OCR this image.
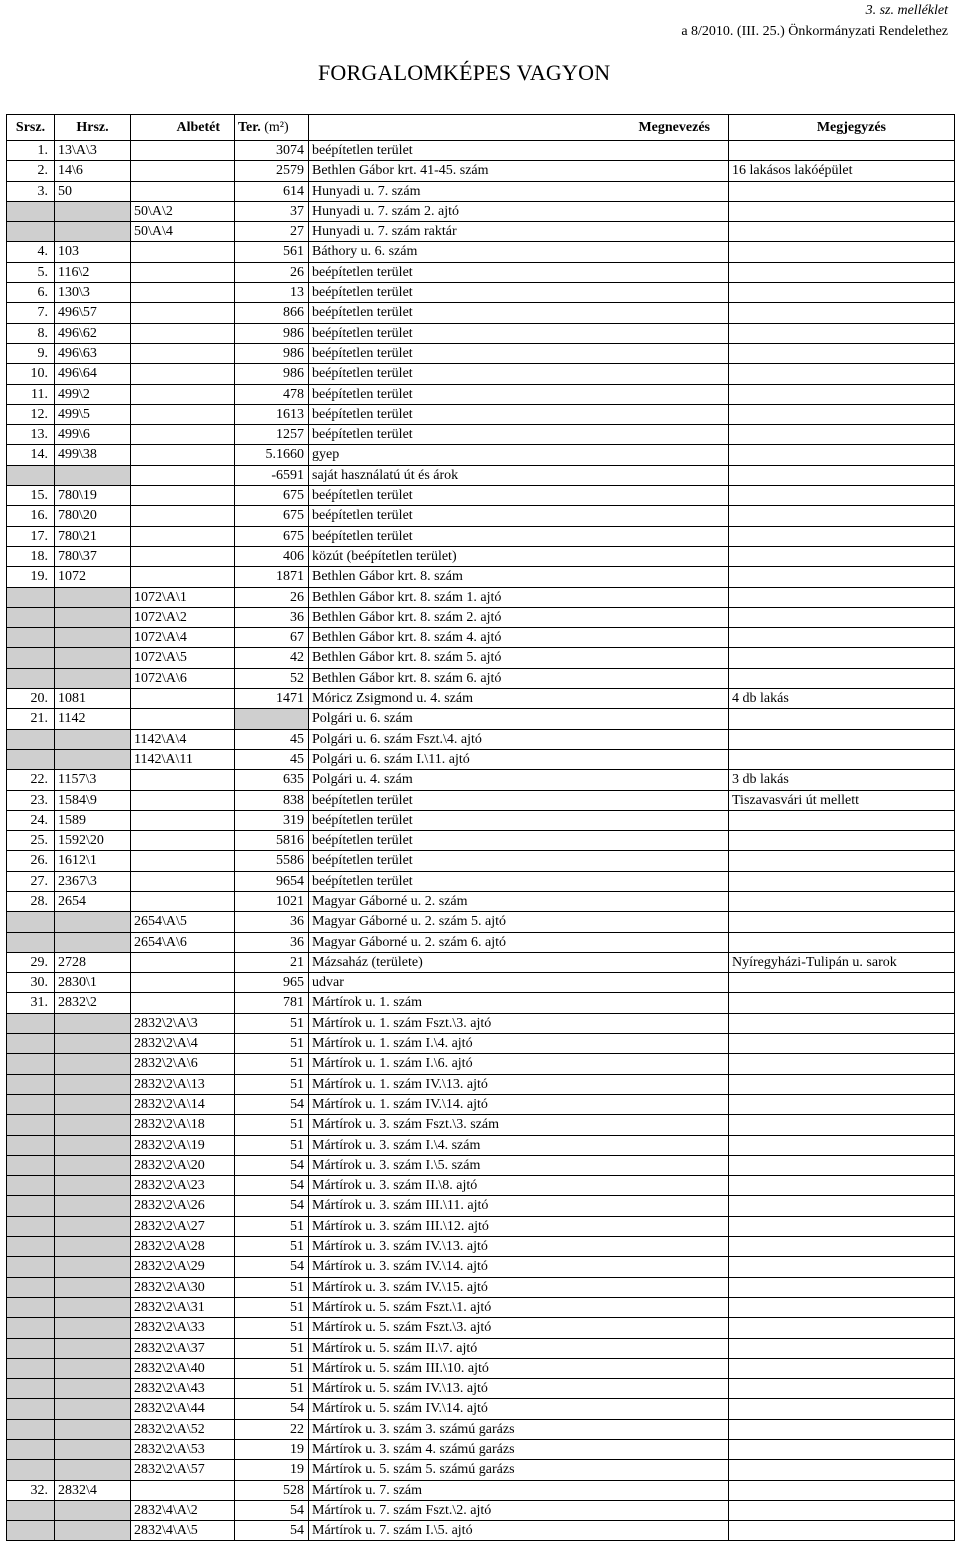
3. sz. melléklet
a 8/2010. (III. 25.) Önkormányzati Rendelethez
FORGALOMKÉPES VAGYON
Srsz.	Hrsz.	Albetét	Ter. (m²)	Megnevezés	Megjegyzés
1.	13\A\3		3074	beépítetlen terület	
2.	14\6		2579	Bethlen Gábor krt. 41-45. szám	16 lakásos lakóépület
3.	50		614	Hunyadi u. 7. szám	
		50\A\2	37	Hunyadi u. 7. szám 2. ajtó	
		50\A\4	27	Hunyadi u. 7. szám raktár	
4.	103		561	Báthory u. 6. szám	
5.	116\2		26	beépítetlen terület	
6.	130\3		13	beépítetlen terület	
7.	496\57		866	beépítetlen terület	
8.	496\62		986	beépítetlen terület	
9.	496\63		986	beépítetlen terület	
10.	496\64		986	beépítetlen terület	
11.	499\2		478	beépítetlen terület	
12.	499\5		1613	beépítetlen terület	
13.	499\6		1257	beépítetlen terület	
14.	499\38		5.1660	gyep	
			-6591	saját használatú út és árok	
15.	780\19		675	beépítetlen terület	
16.	780\20		675	beépítetlen terület	
17.	780\21		675	beépítetlen terület	
18.	780\37		406	közút (beépítetlen terület)	
19.	1072		1871	Bethlen Gábor krt. 8. szám	
		1072\A\1	26	Bethlen Gábor krt. 8. szám 1. ajtó	
		1072\A\2	36	Bethlen Gábor krt. 8. szám 2. ajtó	
		1072\A\4	67	Bethlen Gábor krt. 8. szám 4. ajtó	
		1072\A\5	42	Bethlen Gábor krt. 8. szám 5. ajtó	
		1072\A\6	52	Bethlen Gábor krt. 8. szám 6. ajtó	
20.	1081		1471	Móricz Zsigmond u. 4. szám	4 db lakás
21.	1142			Polgári u. 6. szám	
		1142\A\4	45	Polgári u. 6. szám Fszt.\4. ajtó	
		1142\A\11	45	Polgári u. 6. szám I.\11. ajtó	
22.	1157\3		635	Polgári u. 4. szám	3 db lakás
23.	1584\9		838	beépítetlen terület	Tiszavasvári út mellett
24.	1589		319	beépítetlen terület	
25.	1592\20		5816	beépítetlen terület	
26.	1612\1		5586	beépítetlen terület	
27.	2367\3		9654	beépítetlen terület	
28.	2654		1021	Magyar Gáborné u. 2. szám	
		2654\A\5	36	Magyar Gáborné u. 2. szám 5. ajtó	
		2654\A\6	36	Magyar Gáborné u. 2. szám 6. ajtó	
29.	2728		21	Mázsaház (területe)	Nyíregyházi-Tulipán u. sarok
30.	2830\1		965	udvar	
31.	2832\2		781	Mártírok u. 1. szám	
		2832\2\A\3	51	Mártírok u. 1. szám Fszt.\3. ajtó	
		2832\2\A\4	51	Mártírok u. 1. szám I.\4. ajtó	
		2832\2\A\6	51	Mártírok u. 1. szám I.\6. ajtó	
		2832\2\A\13	51	Mártírok u. 1. szám IV.\13. ajtó	
		2832\2\A\14	54	Mártírok u. 1. szám IV.\14. ajtó	
		2832\2\A\18	51	Mártírok u. 3. szám Fszt.\3. szám	
		2832\2\A\19	51	Mártírok u. 3. szám I.\4. szám	
		2832\2\A\20	54	Mártírok u. 3. szám I.\5. szám	
		2832\2\A\23	54	Mártírok u. 3. szám II.\8. ajtó	
		2832\2\A\26	54	Mártírok u. 3. szám III.\11. ajtó	
		2832\2\A\27	51	Mártírok u. 3. szám III.\12. ajtó	
		2832\2\A\28	51	Mártírok u. 3. szám IV.\13. ajtó	
		2832\2\A\29	54	Mártírok u. 3. szám IV.\14. ajtó	
		2832\2\A\30	51	Mártírok u. 3. szám IV.\15. ajtó	
		2832\2\A\31	51	Mártírok u. 5. szám Fszt.\1. ajtó	
		2832\2\A\33	51	Mártírok u. 5. szám Fszt.\3. ajtó	
		2832\2\A\37	51	Mártírok u. 5. szám II.\7. ajtó	
		2832\2\A\40	51	Mártírok u. 5. szám III.\10. ajtó	
		2832\2\A\43	51	Mártírok u. 5. szám IV.\13. ajtó	
		2832\2\A\44	54	Mártírok u. 5. szám IV.\14. ajtó	
		2832\2\A\52	22	Mártírok u. 3. szám 3. számú garázs	
		2832\2\A\53	19	Mártírok u. 3. szám 4. számú garázs	
		2832\2\A\57	19	Mártírok u. 5. szám 5. számú garázs	
32.	2832\4		528	Mártírok u. 7. szám	
		2832\4\A\2	54	Mártírok u. 7. szám Fszt.\2. ajtó	
		2832\4\A\5	54	Mártírok u. 7. szám I.\5. ajtó	
